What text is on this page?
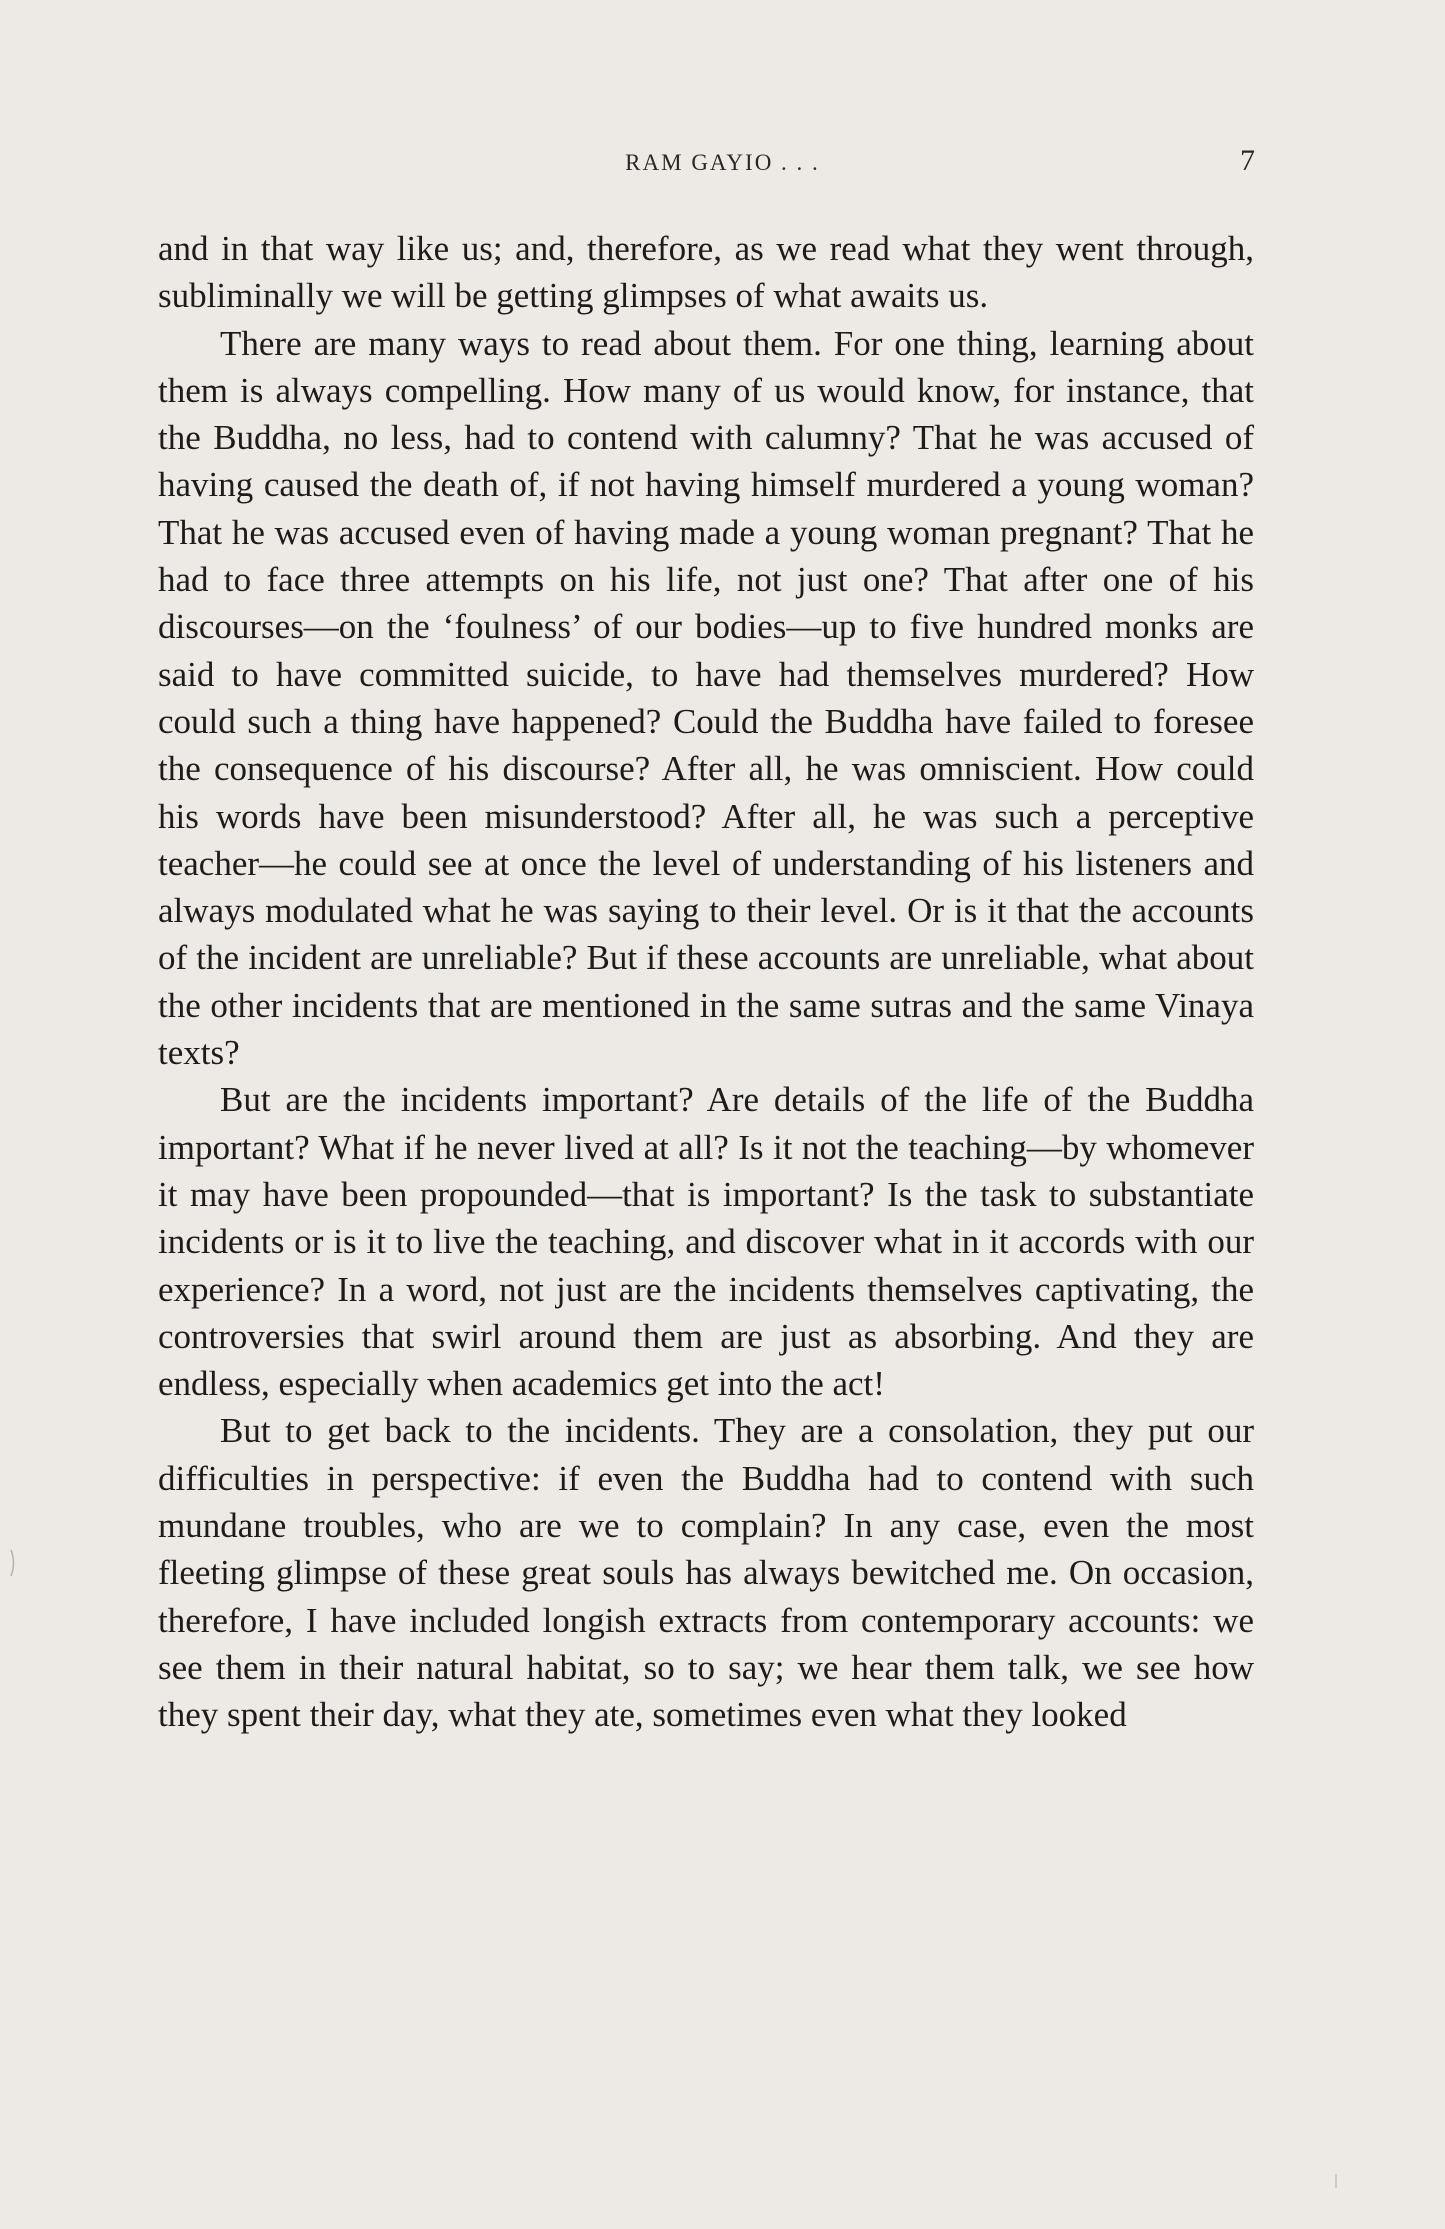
RAM GAYIO . . .	7

and in that way like us; and, therefore, as we read what they went through, subliminally we will be getting glimpses of what awaits us.

There are many ways to read about them. For one thing, learning about them is always compelling. How many of us would know, for instance, that the Buddha, no less, had to contend with calumny? That he was accused of having caused the death of, if not having himself murdered a young woman? That he was accused even of having made a young woman pregnant? That he had to face three attempts on his life, not just one? That after one of his discourses—on the ‘foulness’ of our bodies—up to five hundred monks are said to have committed suicide, to have had themselves murdered? How could such a thing have happened? Could the Buddha have failed to foresee the consequence of his discourse? After all, he was omniscient. How could his words have been misunderstood? After all, he was such a perceptive teacher—he could see at once the level of understanding of his listeners and always modulated what he was saying to their level. Or is it that the accounts of the incident are unreliable? But if these accounts are unreliable, what about the other incidents that are mentioned in the same sutras and the same Vinaya texts?

But are the incidents important? Are details of the life of the Buddha important? What if he never lived at all? Is it not the teaching—by whomever it may have been propounded—that is important? Is the task to substantiate incidents or is it to live the teaching, and discover what in it accords with our experience? In a word, not just are the incidents themselves captivating, the controversies that swirl around them are just as absorbing. And they are endless, especially when academics get into the act!

But to get back to the incidents. They are a consolation, they put our difficulties in perspective: if even the Buddha had to contend with such mundane troubles, who are we to complain? In any case, even the most fleeting glimpse of these great souls has always bewitched me. On occasion, therefore, I have included longish extracts from contemporary accounts: we see them in their natural habitat, so to say; we hear them talk, we see how they spent their day, what they ate, sometimes even what they looked
